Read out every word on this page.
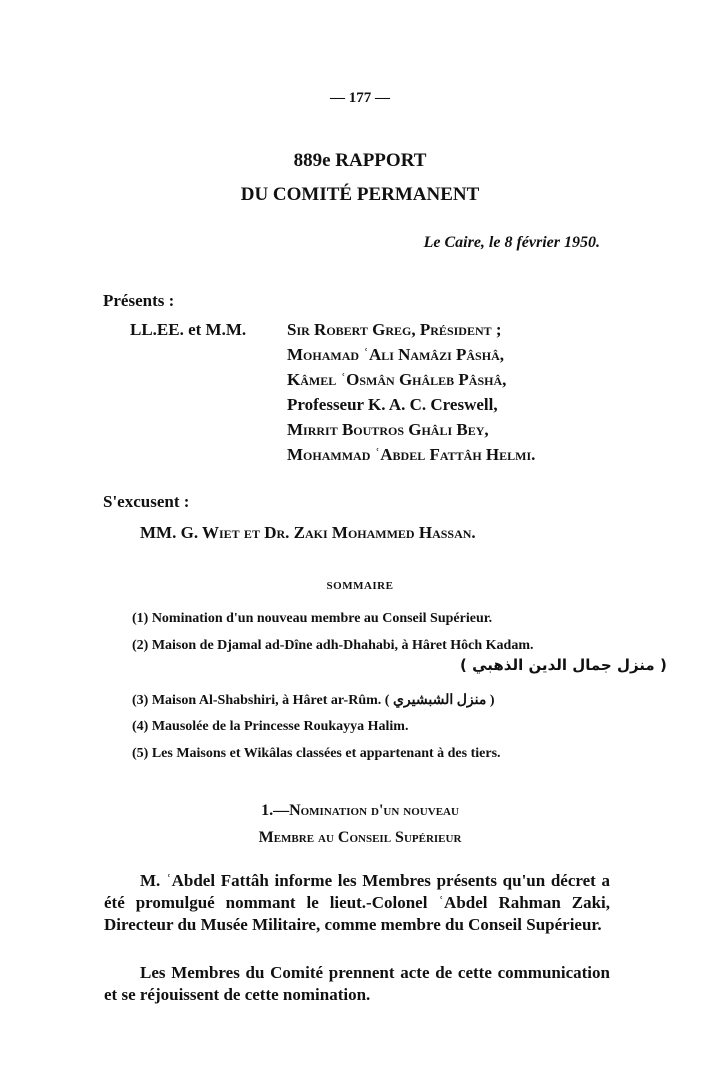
— 177 —
889e RAPPORT
DU COMITÉ PERMANENT
Le Caire, le 8 février 1950.
Présents :
LL.EE. et M.M. Sir Robert Greg, Président ;
Mohamad ʿAli Namâzi Pâshâ,
Kâmel ʿOsmân Ghâleb Pâshâ,
Professeur K. A. C. Creswell,
Mirrit Boutros Ghâli Bey,
Mohammad ʿAbdel Fattâh Helmi.
S'excusent :
MM. G. Wiet et Dr. Zaki Mohammed Hassan.
SOMMAIRE
(1) Nomination d'un nouveau membre au Conseil Supérieur.
(2) Maison de Djamal ad-Dîne adh-Dhahabi, à Hâret Hôch Kadam.
( منزل جمال الدين الذهبي )
(3) Maison Al-Shabshiri, à Hâret ar-Rûm. ( منزل الشبشيري )
(4) Mausolée de la Princesse Roukayya Halim.
(5) Les Maisons et Wikâlas classées et appartenant à des tiers.
1.—Nomination d'un nouveau
Membre au Conseil Supérieur
M. ʿAbdel Fattâh informe les Membres présents qu'un décret a été promulgué nommant le lieut.-Colonel ʿAbdel Rahman Zaki, Directeur du Musée Militaire, comme membre du Conseil Supérieur.
Les Membres du Comité prennent acte de cette communication et se réjouissent de cette nomination.
